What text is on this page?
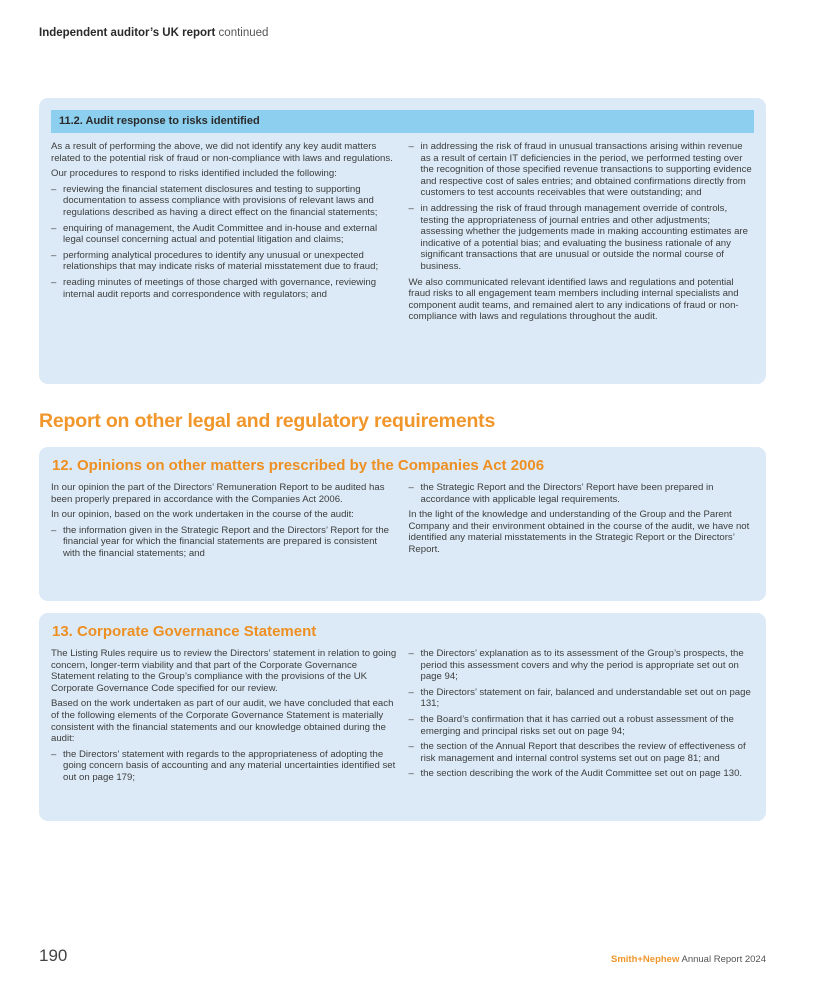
Independent auditor’s UK report continued
11.2. Audit response to risks identified

As a result of performing the above, we did not identify any key audit matters related to the potential risk of fraud or non-compliance with laws and regulations.

Our procedures to respond to risks identified included the following:

– reviewing the financial statement disclosures and testing to supporting documentation to assess compliance with provisions of relevant laws and regulations described as having a direct effect on the financial statements;
– enquiring of management, the Audit Committee and in-house and external legal counsel concerning actual and potential litigation and claims;
– performing analytical procedures to identify any unusual or unexpected relationships that may indicate risks of material misstatement due to fraud;
– reading minutes of meetings of those charged with governance, reviewing internal audit reports and correspondence with regulators; and
– in addressing the risk of fraud in unusual transactions arising within revenue as a result of certain IT deficiencies in the period, we performed testing over the recognition of those specified revenue transactions to supporting evidence and respective cost of sales entries; and obtained confirmations directly from customers to test accounts receivables that were outstanding; and
– in addressing the risk of fraud through management override of controls, testing the appropriateness of journal entries and other adjustments; assessing whether the judgements made in making accounting estimates are indicative of a potential bias; and evaluating the business rationale of any significant transactions that are unusual or outside the normal course of business.

We also communicated relevant identified laws and regulations and potential fraud risks to all engagement team members including internal specialists and component audit teams, and remained alert to any indications of fraud or non-compliance with laws and regulations throughout the audit.

Report on other legal and regulatory requirements
12. Opinions on other matters prescribed by the Companies Act 2006

In our opinion the part of the Directors’ Remuneration Report to be audited has been properly prepared in accordance with the Companies Act 2006.

In our opinion, based on the work undertaken in the course of the audit:

– the information given in the Strategic Report and the Directors’ Report for the financial year for which the financial statements are prepared is consistent with the financial statements; and
– the Strategic Report and the Directors’ Report have been prepared in accordance with applicable legal requirements.

In the light of the knowledge and understanding of the Group and the Parent Company and their environment obtained in the course of the audit, we have not identified any material misstatements in the Strategic Report or the Directors’ Report.

13. Corporate Governance Statement

The Listing Rules require us to review the Directors’ statement in relation to going concern, longer-term viability and that part of the Corporate Governance Statement relating to the Group’s compliance with the provisions of the UK Corporate Governance Code specified for our review.

Based on the work undertaken as part of our audit, we have concluded that each of the following elements of the Corporate Governance Statement is materially consistent with the financial statements and our knowledge obtained during the audit:

– the Directors’ statement with regards to the appropriateness of adopting the going concern basis of accounting and any material uncertainties identified set out on page 179;
– the Directors’ explanation as to its assessment of the Group’s prospects, the period this assessment covers and why the period is appropriate set out on page 94;
– the Directors’ statement on fair, balanced and understandable set out on page 131;
– the Board’s confirmation that it has carried out a robust assessment of the emerging and principal risks set out on page 94;
– the section of the Annual Report that describes the review of effectiveness of risk management and internal control systems set out on page 81; and
– the section describing the work of the Audit Committee set out on page 130.
190	Smith+Nephew Annual Report 2024
